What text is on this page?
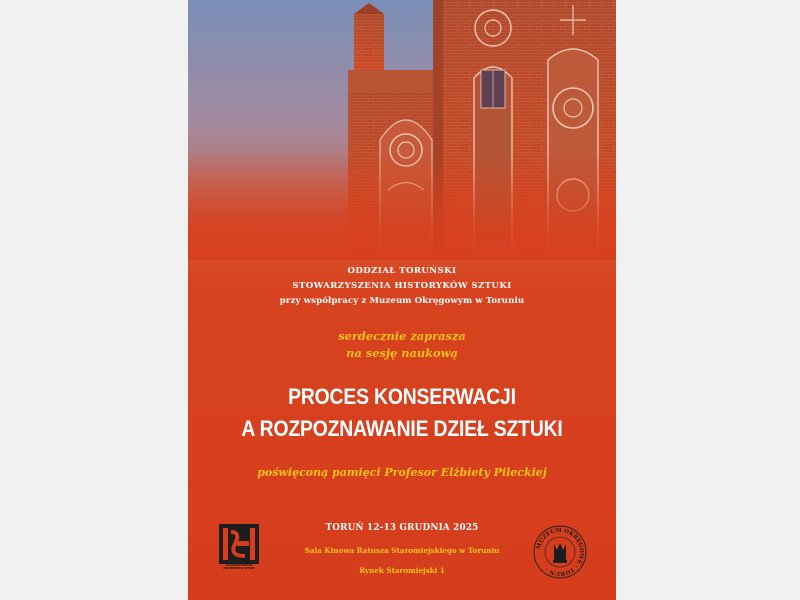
ODDZIAŁ TORUŃSKI
STOWARZYSZENIA HISTORYKÓW SZTUKI
przy współpracy z Muzeum Okręgowym w Toruniu
serdecznie zaprasza
na sesję naukową
PROCES KONSERWACJI
A ROZPOZNAWANIE DZIEŁ SZTUKI
poświęconą pamięci Profesor Elżbiety Pileckiej
TORUŃ 12-13 GRUDNIA 2025
Sala Kinowa Ratusza Staromiejskiego w Toruniu
Rynek Staromiejski 1
STOWARZYSZENIE HISTORYKÓW SZTUKI
MUZEUM OKRĘGOWE · TORUŃ ·
